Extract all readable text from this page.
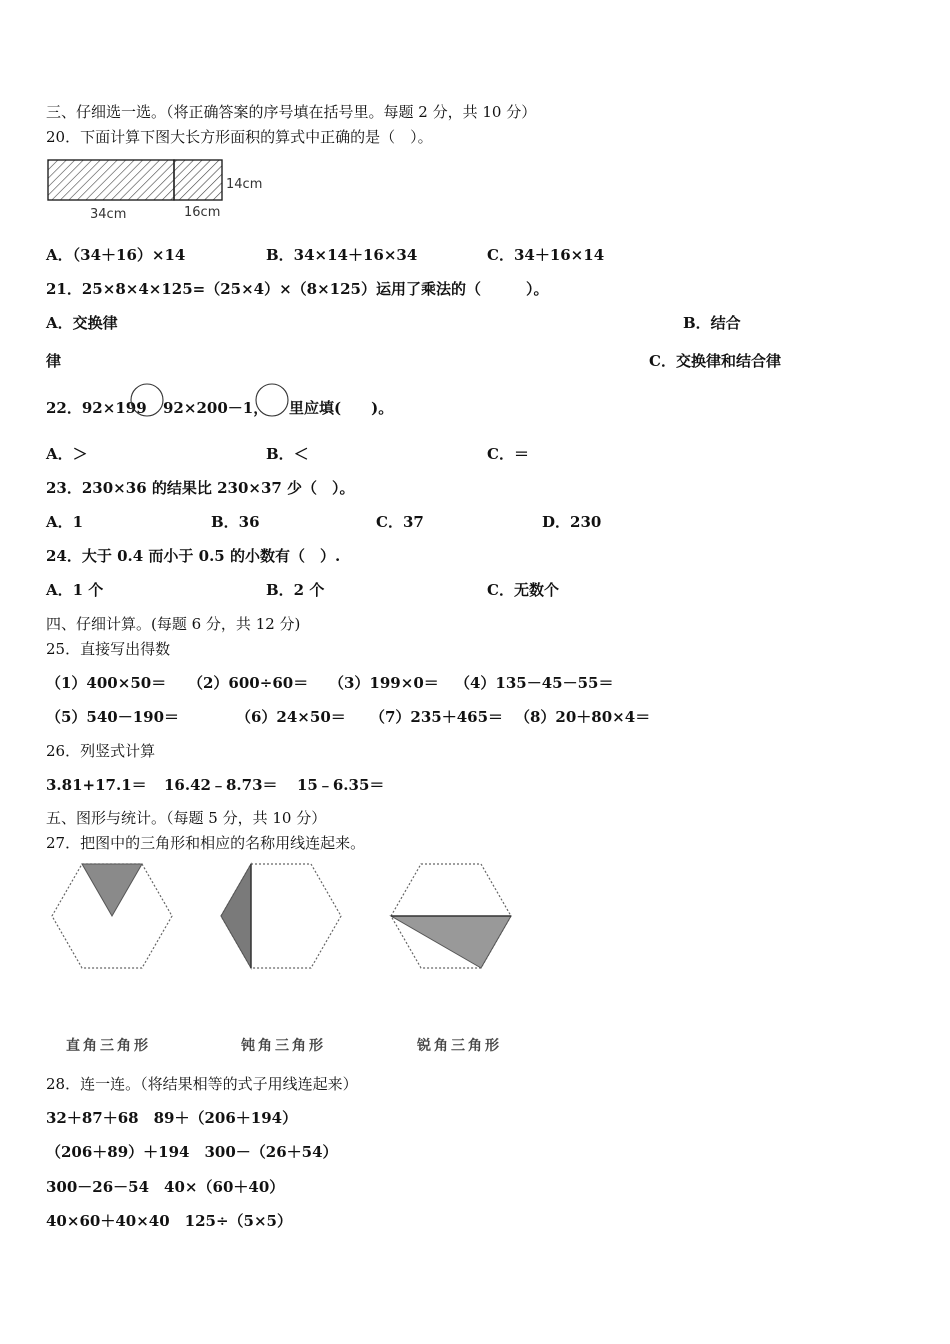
三、仔细选一选。（将正确答案的序号填在括号里。每题 2 分，共 10 分）
20．下面计算下图大长方形面积的算式中正确的是（　）。
14cm
34cm	16cm
A．（34＋16）×14	B．34×14＋16×34	C．34＋16×14
21．25×8×4×125=（25×4）×（8×125）运用了乘法的（　　　）。
A．交换律	B．结合
律	C．交换律和结合律
22．92×199 92×200－1， 里应填(　　)。
A．＞	B．＜	C．＝
23．230×36 的结果比 230×37 少（　）。
A．1	B．36	C．37	D．230
24．大于 0.4 而小于 0.5 的小数有（　）.
A．1 个	B．2 个	C．无数个
四、仔细计算。(每题 6 分，共 12 分)
25．直接写出得数
（1）400×50＝ （2）600÷60＝ （3）199×0＝ （4）135－45－55＝
（5）540－190＝	（6）24×50＝ （7）235＋465＝ （8）20＋80×4＝
26．列竖式计算
3.81+17.1＝ 16.42﹣8.73＝ 15﹣6.35＝
五、图形与统计。（每题 5 分，共 10 分）
27．把图中的三角形和相应的名称用线连起来。
直角三角形	钝角三角形	锐角三角形
28．连一连。（将结果相等的式子用线连起来）
32＋87＋68　89＋（206＋194）
（206＋89）＋194　300－（26＋54）
300－26－54　40×（60＋40）
40×60＋40×40　125÷（5×5）
